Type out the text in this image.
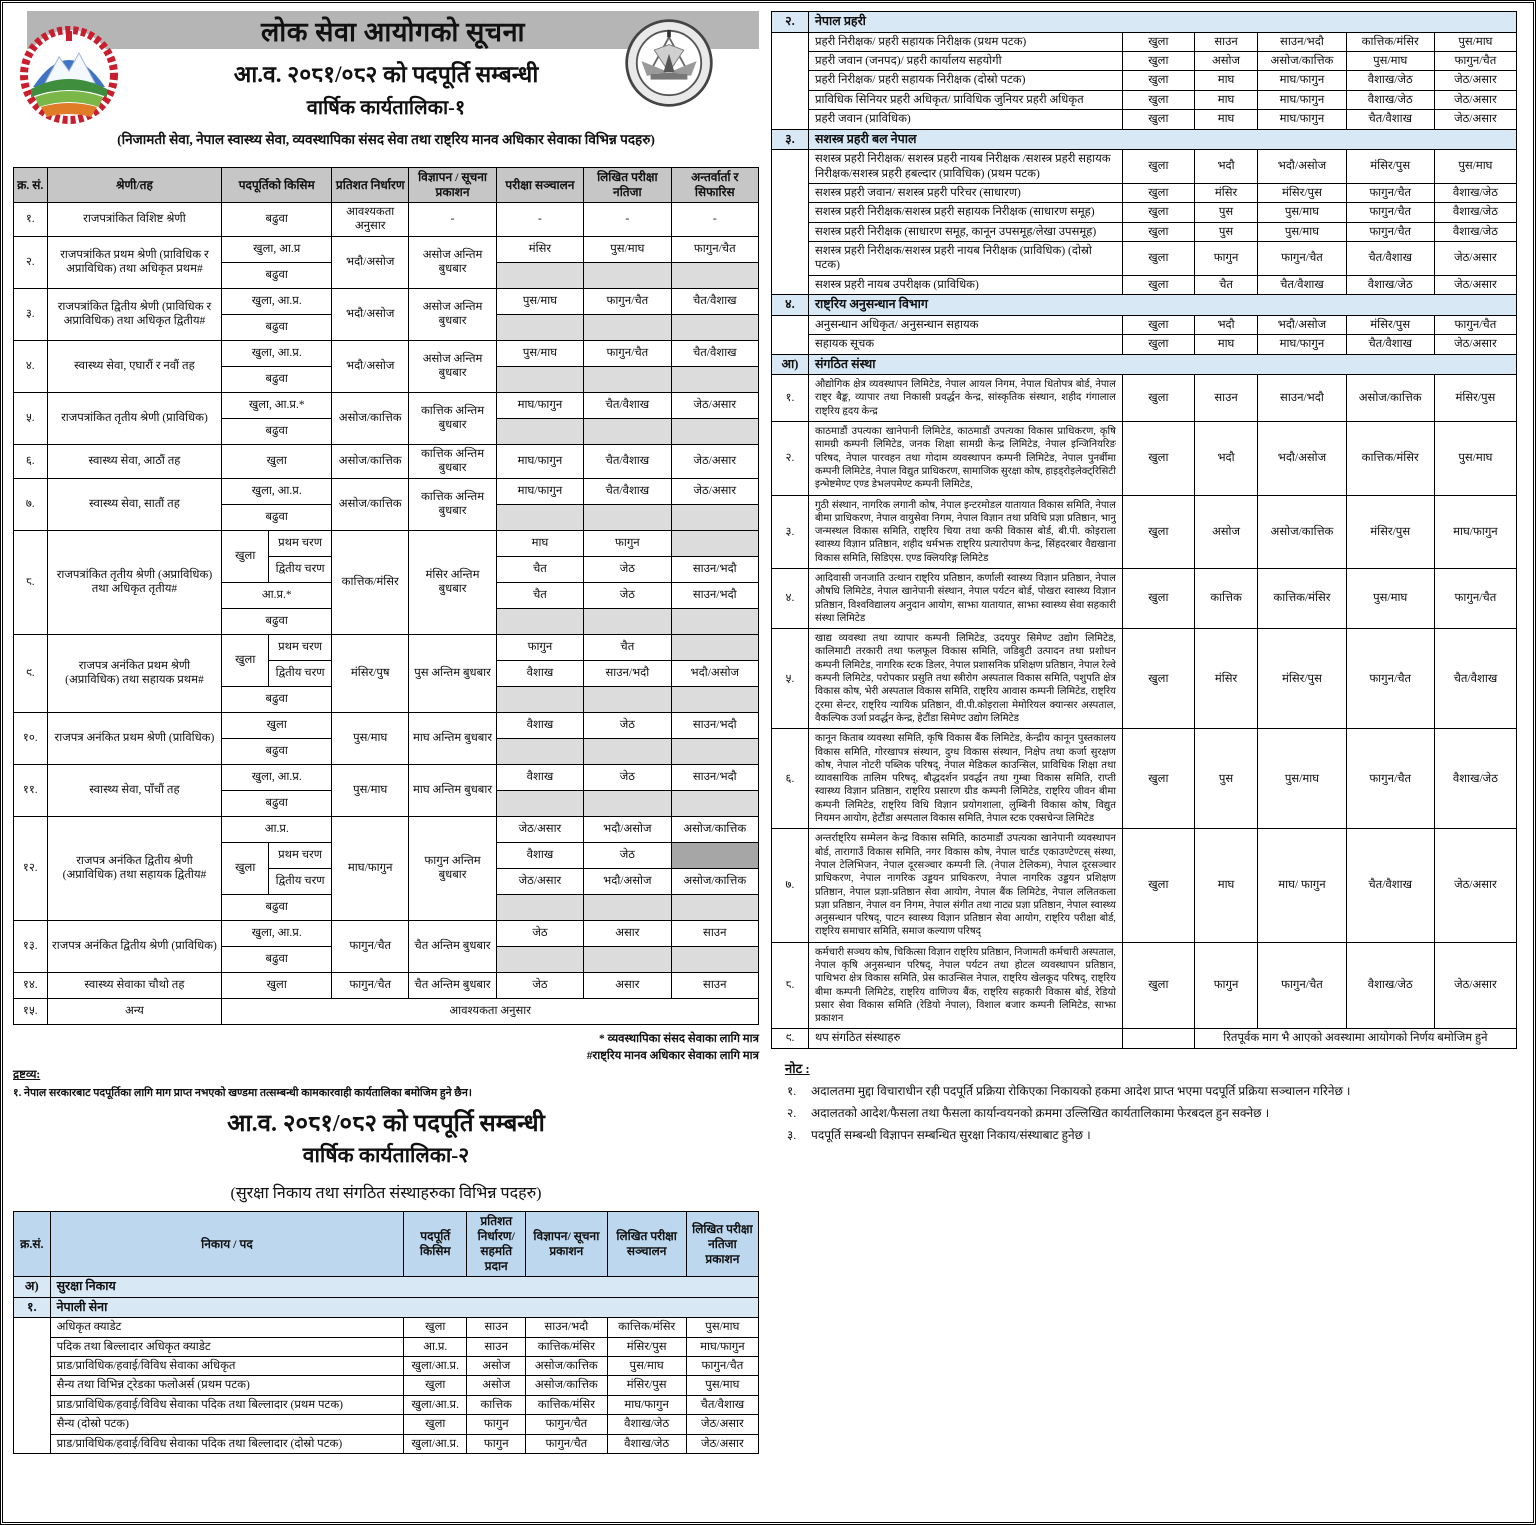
लोक सेवा आयोगको सूचना
आ.व. २०८१/०८२ को पदपूर्ति सम्बन्धी
वार्षिक कार्यतालिका-१
(निजामती सेवा, नेपाल स्वास्थ्य सेवा, व्यवस्थापिका संसद सेवा तथा राष्ट्रिय मानव अधिकार सेवाका विभिन्न पदहरु)
क्र. सं.	श्रेणी/तह	पदपूर्तिको किसिम		प्रतिशत निर्धारण	विज्ञापन / सूचना प्रकाशन	परीक्षा सञ्चालन	लिखित परीक्षा नतिजा	अन्तर्वार्ता र सिफारिस
१.	राजपत्रांकित विशिष्ट श्रेणी	बढुवा		आवश्यकता अनुसार	-	-	-	-
२.	राजपत्रांकित प्रथम श्रेणी (प्राविधिक र अप्राविधिक) तथा अधिकृत प्रथम#	खुला, आ.प्र		भदौ/असोज	असोज अन्तिम बुधबार	मंसिर	पुस/माघ	फागुन/चैत
		बढुवा						
३.	राजपत्रांकित द्वितीय श्रेणी (प्राविधिक र अप्राविधिक) तथा अधिकृत द्वितीय#	खुला, आ.प्र.		भदौ/असोज	असोज अन्तिम बुधबार	पुस/माघ	फागुन/चैत	चैत/वैशाख
		बढुवा						
४.	स्वास्थ्य सेवा, एघारौं र नवौं तह	खुला, आ.प्र.		भदौ/असोज	असोज अन्तिम बुधबार	पुस/माघ	फागुन/चैत	चैत/वैशाख
		बढुवा						
५.	राजपत्रांकित तृतीय श्रेणी (प्राविधिक)	खुला, आ.प्र.*		असोज/कात्तिक	कात्तिक अन्तिम बुधबार	माघ/फागुन	चैत/वैशाख	जेठ/असार
		बढुवा						
६.	स्वास्थ्य सेवा, आठौं तह	खुला		असोज/कात्तिक	कात्तिक अन्तिम बुधबार	माघ/फागुन	चैत/वैशाख	जेठ/असार
७.	स्वास्थ्य सेवा, सातौं तह	खुला, आ.प्र.		असोज/कात्तिक	कात्तिक अन्तिम बुधबार	माघ/फागुन	चैत/वैशाख	जेठ/असार
		बढुवा						
८.	राजपत्रांकित तृतीय श्रेणी (अप्राविधिक) तथा अधिकृत तृतीय#	खुला	प्रथम चरण	कात्तिक/मंसिर	मंसिर अन्तिम बुधबार	माघ	फागुन	
			द्वितीय चरण			चैत	जेठ	साउन/भदौ
		आ.प्र.*				चैत	जेठ	साउन/भदौ
		बढुवा						
९.	राजपत्र अनंकित प्रथम श्रेणी (अप्राविधिक) तथा सहायक प्रथम#	खुला	प्रथम चरण	मंसिर/पुष	पुस अन्तिम बुधबार	फागुन	चैत	
			द्वितीय चरण			वैशाख	साउन/भदौ	भदौ/असोज
		बढुवा						
१०.	राजपत्र अनंकित प्रथम श्रेणी (प्राविधिक)	खुला		पुस/माघ	माघ अन्तिम बुधबार	वैशाख	जेठ	साउन/भदौ
		बढुवा						
११.	स्वास्थ्य सेवा, पाँचौं तह	खुला, आ.प्र.		पुस/माघ	माघ अन्तिम बुधबार	वैशाख	जेठ	साउन/भदौ
		बढुवा						
१२.	राजपत्र अनंकित द्वितीय श्रेणी (अप्राविधिक) तथा सहायक द्वितीय#	आ.प्र.		माघ/फागुन	फागुन अन्तिम बुधबार	जेठ/असार	भदौ/असोज	असोज/कात्तिक
		खुला	प्रथम चरण			वैशाख	जेठ	
			द्वितीय चरण			जेठ/असार	भदौ/असोज	असोज/कात्तिक
		बढुवा						
१३.	राजपत्र अनंकित द्वितीय श्रेणी (प्राविधिक)	खुला, आ.प्र.		फागुन/चैत	चैत अन्तिम बुधबार	जेठ	असार	साउन
		बढुवा						
१४.	स्वास्थ्य सेवाका चौथो तह	खुला		फागुन/चैत	चैत अन्तिम बुधबार	जेठ	असार	साउन
१५.	अन्य	आवश्यकता अनुसार						
* व्यवस्थापिका संसद सेवाका लागि मात्र
#राष्ट्रिय मानव अधिकार सेवाका लागि मात्र
द्रष्टव्य:
१. नेपाल सरकारबाट पदपूर्तिका लागि माग प्राप्त नभएको खण्डमा तत्सम्बन्धी कामकारवाही कार्यतालिका बमोजिम हुने छैन।
आ.व. २०८१/०८२ को पदपूर्ति सम्बन्धी
वार्षिक कार्यतालिका-२
(सुरक्षा निकाय तथा संगठित संस्थाहरुका विभिन्न पदहरु)
क्र.सं.	निकाय / पद	पदपूर्ति किसिम	प्रतिशत निर्धारण/ सहमति प्रदान	विज्ञापन/ सूचना प्रकाशन	लिखित परीक्षा सञ्चालन	लिखित परीक्षा नतिजा प्रकाशन
अ)	सुरक्षा निकाय					
१.	नेपाली सेना					
	अधिकृत क्याडेट	खुला	साउन	साउन/भदौ	कात्तिक/मंसिर	पुस/माघ
	पदिक तथा बिल्लादार अधिकृत क्याडेट	आ.प्र.	साउन	कात्तिक/मंसिर	मंसिर/पुस	माघ/फागुन
	प्राड/प्राविधिक/हवाई/विविध सेवाका अधिकृत	खुला/आ.प्र.	असोज	असोज/कात्तिक	पुस/माघ	फागुन/चैत
	सैन्य तथा विभिन्न ट्रेडका फलोअर्स (प्रथम पटक)	खुला	असोज	असोज/कात्तिक	मंसिर/पुस	पुस/माघ
	प्राड/प्राविधिक/हवाई/विविध सेवाका पदिक तथा बिल्लादार (प्रथम पटक)	खुला/आ.प्र.	कात्तिक	कात्तिक/मंसिर	माघ/फागुन	चैत/वैशाख
	सैन्य (दोस्रो पटक)	खुला	फागुन	फागुन/चैत	वैशाख/जेठ	जेठ/असार
	प्राड/प्राविधिक/हवाई/विविध सेवाका पदिक तथा बिल्लादार (दोस्रो पटक)	खुला/आ.प्र.	फागुन	फागुन/चैत	वैशाख/जेठ	जेठ/असार
२.	नेपाल प्रहरी					
	प्रहरी निरीक्षक/ प्रहरी सहायक निरीक्षक (प्रथम पटक)	खुला	साउन	साउन/भदौ	कात्तिक/मंसिर	पुस/माघ
	प्रहरी जवान (जनपद)/ प्रहरी कार्यालय सहयोगी	खुला	असोज	असोज/कात्तिक	पुस/माघ	फागुन/चैत
	प्रहरी निरीक्षक/ प्रहरी सहायक निरीक्षक (दोस्रो पटक)	खुला	माघ	माघ/फागुन	वैशाख/जेठ	जेठ/असार
	प्राविधिक सिनियर प्रहरी अधिकृत/ प्राविधिक जुनियर प्रहरी अधिकृत	खुला	माघ	माघ/फागुन	वैशाख/जेठ	जेठ/असार
	प्रहरी जवान (प्राविधिक)	खुला	माघ	माघ/फागुन	चैत/वैशाख	जेठ/असार
३.	सशस्त्र प्रहरी बल नेपाल					
	सशस्त्र प्रहरी निरीक्षक/ सशस्त्र प्रहरी नायब निरीक्षक /सशस्त्र प्रहरी सहायक निरीक्षक/सशस्त्र प्रहरी हबल्दार (प्राविधिक) (प्रथम पटक)	खुला	भदौ	भदौ/असोज	मंसिर/पुस	पुस/माघ
	सशस्त्र प्रहरी जवान/ सशस्त्र प्रहरी परिचर (साधारण)	खुला	मंसिर	मंसिर/पुस	फागुन/चैत	वैशाख/जेठ
	सशस्त्र प्रहरी निरीक्षक/सशस्त्र प्रहरी सहायक निरीक्षक (साधारण समूह)	खुला	पुस	पुस/माघ	फागुन/चैत	वैशाख/जेठ
	सशस्त्र प्रहरी निरीक्षक (साधारण समूह, कानून उपसमूह/लेखा उपसमूह)	खुला	पुस	पुस/माघ	फागुन/चैत	वैशाख/जेठ
	सशस्त्र प्रहरी निरीक्षक/सशस्त्र प्रहरी नायब निरीक्षक (प्राविधिक) (दोस्रो पटक)	खुला	फागुन	फागुन/चैत	चैत/वैशाख	जेठ/असार
	सशस्त्र प्रहरी नायब उपरीक्षक (प्राविधिक)	खुला	चैत	चैत/वैशाख	वैशाख/जेठ	जेठ/असार
४.	राष्ट्रिय अनुसन्धान विभाग					
	अनुसन्धान अधिकृत/ अनुसन्धान सहायक	खुला	भदौ	भदौ/असोज	मंसिर/पुस	फागुन/चैत
	सहायक सूचक	खुला	माघ	माघ/फागुन	चैत/वैशाख	जेठ/असार
आ)	संगठित संस्था					
१.	औद्योगिक क्षेत्र व्यवस्थापन लिमिटेड, नेपाल आयल निगम, नेपाल धितोपत्र बोर्ड, नेपाल राष्ट्र बैङ्क, व्यापार तथा निकासी प्रवर्द्धन केन्द्र, सांस्कृतिक संस्थान, शहीद गंगालाल राष्ट्रिय हृदय केन्द्र	खुला	साउन	साउन/भदौ	असोज/कात्तिक	मंसिर/पुस
२.	काठमाडौं उपत्यका खानेपानी लिमिटेड, काठमाडौं उपत्यका विकास प्राधिकरण, कृषि सामग्री कम्पनी लिमिटेड, जनक शिक्षा सामग्री केन्द्र लिमिटेड, नेपाल इन्जिनियरिङ परिषद, नेपाल पारवहन तथा गोदाम व्यवस्थापन कम्पनी लिमिटेड, नेपाल पुनर्बीमा कम्पनी लिमिटेड, नेपाल विद्युत प्राधिकरण, सामाजिक सुरक्षा कोष, हाइड्रोइलेक्ट्रिसिटी इन्भेष्टमेण्ट एण्ड डेभलपमेण्ट कम्पनी लिमिटेड,	खुला	भदौ	भदौ/असोज	कात्तिक/मंसिर	पुस/माघ
३.	गुठी संस्थान, नागरिक लगानी कोष, नेपाल इन्टरमोडल यातायात विकास समिति, नेपाल बीमा प्राधिकरण, नेपाल वायुसेवा निगम, नेपाल विज्ञान तथा प्रविधि प्रज्ञा प्रतिष्ठान, भानु जन्मस्थल विकास समिति, राष्ट्रिय चिया तथा कफी विकास बोर्ड, बी.पी. कोइराला स्वास्थ्य विज्ञान प्रतिष्ठान, शहीद धर्मभक्त राष्ट्रिय प्रत्यारोपण केन्द्र, सिंहदरबार वैद्यखाना विकास समिति, सिडिएस. एण्ड क्लियरिङ्ग लिमिटेड	खुला	असोज	असोज/कात्तिक	मंसिर/पुस	माघ/फागुन
४.	आदिवासी जनजाति उत्थान राष्ट्रिय प्रतिष्ठान, कर्णाली स्वास्थ्य विज्ञान प्रतिष्ठान, नेपाल औषधि लिमिटेड, नेपाल खानेपानी संस्थान, नेपाल पर्यटन बोर्ड, पोखरा स्वास्थ्य विज्ञान प्रतिष्ठान, विश्वविद्यालय अनुदान आयोग, साझा यातायात, साझा स्वास्थ्य सेवा सहकारी संस्था लिमिटेड	खुला	कात्तिक	कात्तिक/मंसिर	पुस/माघ	फागुन/चैत
५.	खाद्य व्यवस्था तथा व्यापार कम्पनी लिमिटेड, उदयपुर सिमेण्ट उद्योग लिमिटेड, कालिमाटी तरकारी तथा फलफूल विकास समिति, जडिबुटी उत्पादन तथा प्रशोधन कम्पनी लिमिटेड, नागरिक स्टक डिलर, नेपाल प्रशासनिक प्रशिक्षण प्रतिष्ठान, नेपाल रेल्वे कम्पनी लिमिटेड, परोपकार प्रसुति तथा स्त्रीरोग अस्पताल विकास समिति, पशुपति क्षेत्र विकास कोष, भेरी अस्पताल विकास समिति, राष्ट्रिय आवास कम्पनी लिमिटेड, राष्ट्रिय ट्रमा सेन्टर, राष्ट्रिय न्यायिक प्रतिष्ठान, वी.पी.कोइराला मेमोरियल क्यान्सर अस्पताल, वैकल्पिक उर्जा प्रवर्द्धन केन्द्र, हेटौंडा सिमेण्ट उद्योग लिमिटेड	खुला	मंसिर	मंसिर/पुस	फागुन/चैत	चैत/वैशाख
६.	कानून किताब व्यवस्था समिति, कृषि विकास बैंक लिमिटेड, केन्द्रीय कानून पुस्तकालय विकास समिति, गोरखापत्र संस्थान, दुग्ध विकास संस्थान, निक्षेप तथा कर्जा सुरक्षण कोष, नेपाल नोटरी पब्लिक परिषद्, नेपाल मेडिकल काउन्सिल, प्राविधिक शिक्षा तथा व्यावसायिक तालिम परिषद्, बौद्धदर्शन प्रवर्द्धन तथा गुम्बा विकास समिति, राप्ती स्वास्थ्य विज्ञान प्रतिष्ठान, राष्ट्रिय प्रसारण ग्रीड कम्पनी लिमिटेड, राष्ट्रिय जीवन बीमा कम्पनी लिमिटेड, राष्ट्रिय विधि विज्ञान प्रयोगशाला, लुम्बिनी विकास कोष, विद्युत नियमन आयोग, हेटौंडा अस्पताल विकास समिति, नेपाल स्टक एक्सचेन्ज लिमिटेड	खुला	पुस	पुस/माघ	फागुन/चैत	वैशाख/जेठ
७.	अन्तर्राष्ट्रिय सम्मेलन केन्द्र विकास समिति, काठमाडौं उपत्यका खानेपानी व्यवस्थापन बोर्ड, तारागाउँ विकास समिति, नगर विकास कोष, नेपाल चार्टड एकाउण्टेण्टस् संस्था, नेपाल टेलिभिजन, नेपाल दूरसञ्चार कम्पनी लि. (नेपाल टेलिकम), नेपाल दूरसञ्चार प्राधिकरण, नेपाल नागरिक उड्डयन प्राधिकरण, नेपाल नागरिक उड्डयन प्रशिक्षण प्रतिष्ठान, नेपाल प्रज्ञा-प्रतिष्ठान सेवा आयोग, नेपाल बैंक लिमिटेड, नेपाल ललितकला प्रज्ञा प्रतिष्ठान, नेपाल वन निगम, नेपाल संगीत तथा नाट्य प्रज्ञा प्रतिष्ठान, नेपाल स्वास्थ्य अनुसन्धान परिषद्, पाटन स्वास्थ्य विज्ञान प्रतिष्ठान सेवा आयोग, राष्ट्रिय परीक्षा बोर्ड, राष्ट्रिय समाचार समिति, समाज कल्याण परिषद्	खुला	माघ	माघ/ फागुन	चैत/वैशाख	जेठ/असार
८.	कर्मचारी सञ्चय कोष, चिकित्सा विज्ञान राष्ट्रिय प्रतिष्ठान, निजामती कर्मचारी अस्पताल, नेपाल कृषि अनुसन्धान परिषद्, नेपाल पर्यटन तथा होटल व्यवस्थापन प्रतिष्ठान, पाथिभरा क्षेत्र विकास समिति, प्रेस काउन्सिल नेपाल, राष्ट्रिय खेलकूद परिषद्, राष्ट्रिय बीमा कम्पनी लिमिटेड, राष्ट्रिय वाणिज्य बैंक, राष्ट्रिय सहकारी विकास बोर्ड, रेडियो प्रसार सेवा विकास समिति (रेडियो नेपाल), विशाल बजार कम्पनी लिमिटेड, साझा प्रकाशन	खुला	फागुन	फागुन/चैत	वैशाख/जेठ	जेठ/असार
९.	थप संगठित संस्थाहरु		रितपूर्वक माग भै आएको अवस्थामा आयोगको निर्णय बमोजिम हुने			
नोट :
१.	अदालतमा मुद्दा विचाराधीन रही पदपूर्ति प्रक्रिया रोकिएका निकायको हकमा आदेश प्राप्त भएमा पदपूर्ति प्रक्रिया सञ्चालन गरिनेछ ।
२.	अदालतको आदेश/फैसला तथा फैसला कार्यान्वयनको क्रममा उल्लिखित कार्यतालिकामा फेरबदल हुन सक्नेछ ।
३.	पदपूर्ति सम्बन्धी विज्ञापन सम्बन्धित सुरक्षा निकाय/संस्थाबाट हुनेछ ।
